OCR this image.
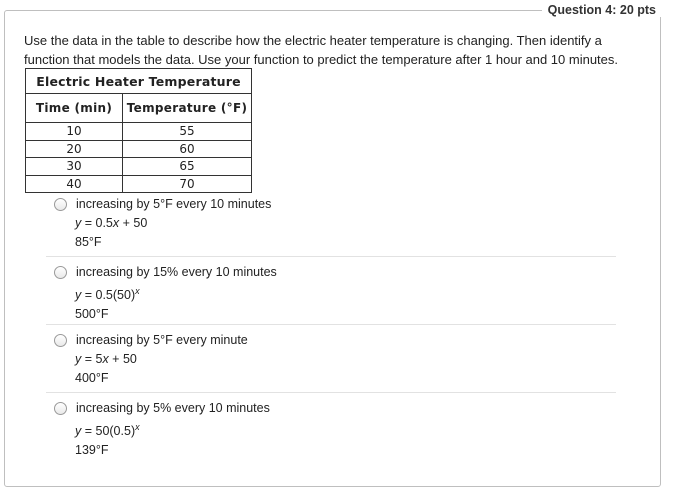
Question 4: 20 pts
Use the data in the table to describe how the electric heater temperature is changing. Then identify a function that models the data. Use your function to predict the temperature after 1 hour and 10 minutes.
Electric Heater Temperature	
Time (min)	Temperature (°F)
10	55
20	60
30	65
40	70
increasing by 5°F every 10 minutes
y = 0.5x + 50
85°F
increasing by 15% every 10 minutes
$y = 0.5(50)^x$
500°F
increasing by 5°F every minute
y = 5x + 50
400°F
increasing by 5% every 10 minutes
$y = 50(0.5)^x$
139°F
